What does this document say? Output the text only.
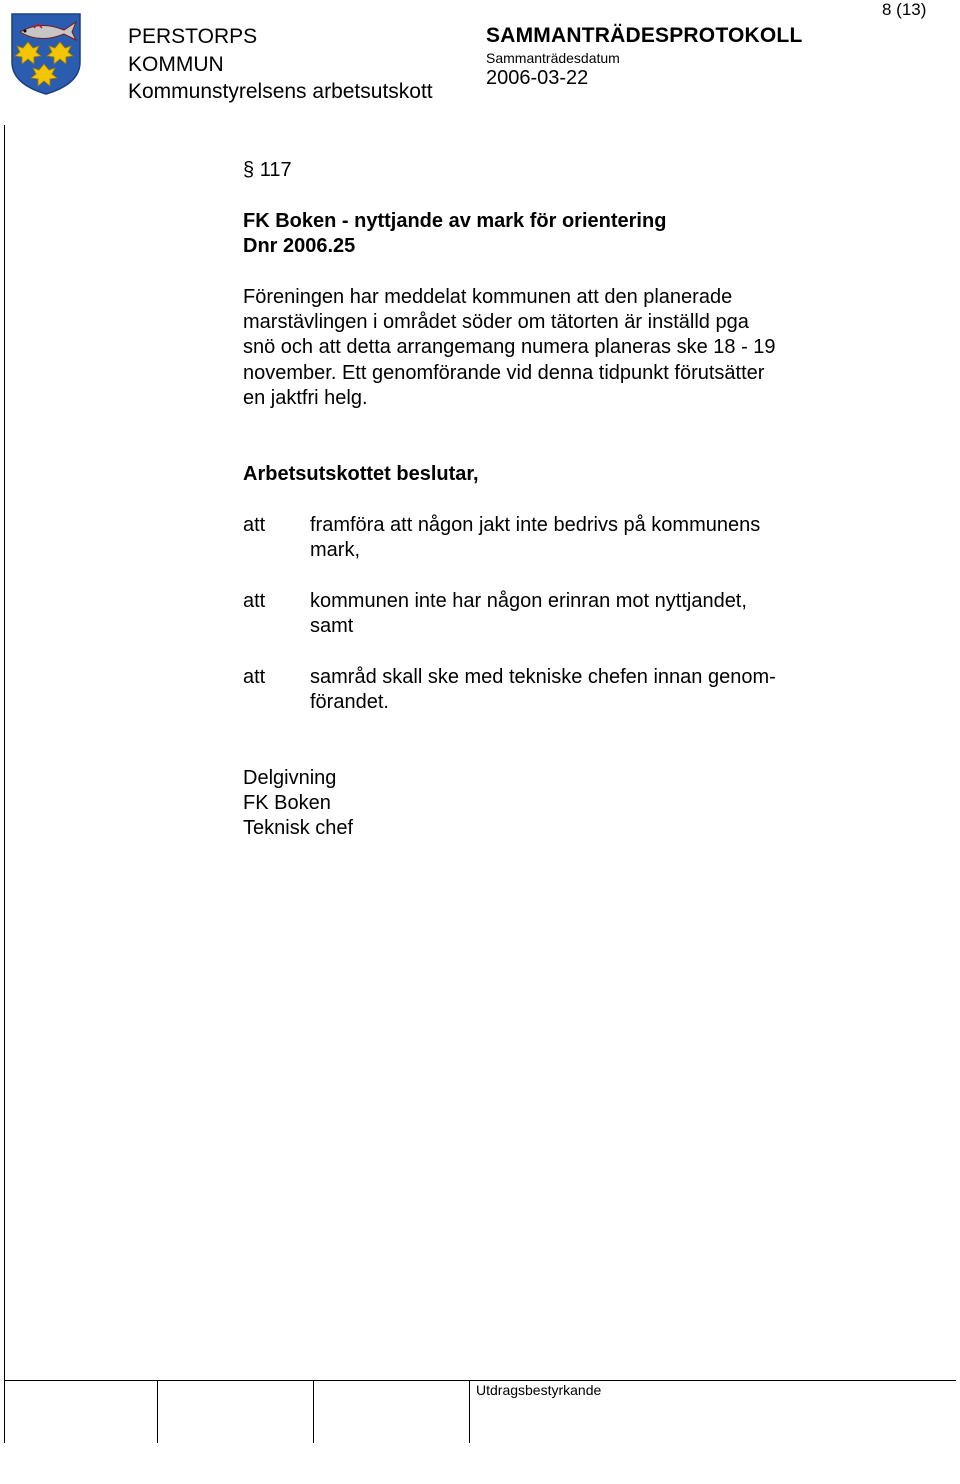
PERSTORPS
KOMMUN
Kommunstyrelsens arbetsutskott
SAMMANTRÄDESPROTOKOLL
Sammanträdesdatum
2006-03-22
8 (13)
§ 117
FK Boken - nyttjande av mark för orientering
Dnr 2006.25
Föreningen har meddelat kommunen att den planerade
marstävlingen i området söder om tätorten är inställd pga
snö och att detta arrangemang numera planeras ske 18 - 19
november. Ett genomförande vid denna tidpunkt förutsätter
en jaktfri helg.
Arbetsutskottet beslutar,
att framföra att någon jakt inte bedrivs på kommunens
mark,
att kommunen inte har någon erinran mot nyttjandet,
samt
att samråd skall ske med tekniske chefen innan genom-
förandet.
Delgivning
FK Boken
Teknisk chef
Utdragsbestyrkande
